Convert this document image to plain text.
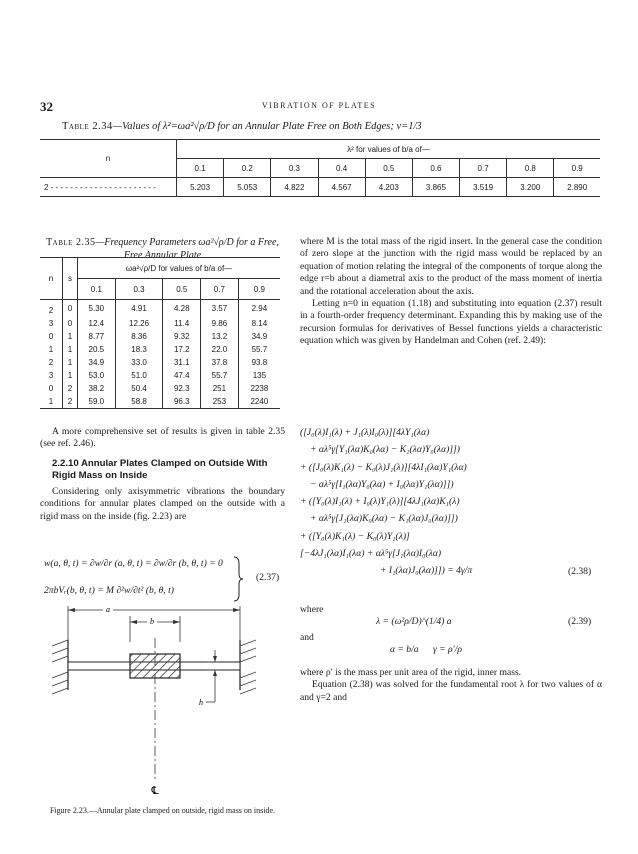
32	VIBRATION OF PLATES
Table 2.34—Values of λ²=ωa²√ρ/D for an Annular Plate Free on Both Edges; ν=1/3
n	λ² for values of b/a of—								
	0.1	0.2	0.3	0.4	0.5	0.6	0.7	0.8	0.9
2 - - - - - - - - - - - - - - - - - - - - - -	5.203	5.053	4.822	4.567	4.203	3.865	3.519	3.200	2.890
Table 2.35—Frequency Parameters ωa²√ρ/D for a Free, Free Annular Plate
n	s	ωa²√ρ/D for values of b/a of—				
		0.1	0.3	0.5	0.7	0.9
2	0	5.30	4.91	4.28	3.57	2.94
3	0	12.4	12.26	11.4	9.86	8.14
0	1	8.77	8.36	9.32	13.2	34.9
1	1	20.5	18.3	17.2	22.0	55.7
2	1	34.9	33.0	31.1	37.8	93.8
3	1	53.0	51.0	47.4	55.7	135
0	2	38.2	50.4	92.3	251	2238
1	2	59.0	58.8	96.3	253	2240

A more comprehensive set of results is given in table 2.35 (see ref. 2.46).

2.2.10 Annular Plates Clamped on Outside With Rigid Mass on Inside

Considering only axisymmetric vibrations the boundary conditions for annular plates clamped on the outside with a rigid mass on the inside (fig. 2.23) are

w(a, θ, t) = ∂w/∂r (a, θ, t) = ∂w/∂r (b, θ, t) = 0
2πbVᵣ(b, θ, t) = M ∂²w/∂t² (b, θ, t)
(2.37)
a
b
℄
h
Figure 2.23.—Annular plate clamped on outside, rigid mass on inside.

where M is the total mass of the rigid insert. In the general case the condition of zero slope at the junction with the rigid mass would be replaced by an equation of motion relating the integral of the components of torque along the edge r=b about a diametral axis to the product of the mass moment of inertia and the rotational acceleration about the axis.

Letting n=0 in equation (1.18) and substituting into equation (2.37) result in a fourth-order frequency determinant. Expanding this by making use of the recursion formulas for derivatives of Bessel functions yields a characteristic equation which was given by Handelman and Cohen (ref. 2.49):

([J₀(λ)I₁(λ) + J₁(λ)I₀(λ)][4λY₁(λα)
+ αλ⁵γ[Y₁(λα)K₀(λα) − K₁(λα)Y₀(λα)]])
+ ([J₀(λ)K₁(λ) − K₀(λ)J₁(λ)][4λI₁(λα)Y₁(λα)
− αλ⁵γ[I₁(λα)Y₀(λα) + I₀(λα)Y₁(λα)]])
+ ([Y₀(λ)I₁(λ) + I₀(λ)Y₁(λ)][4λJ₁(λα)K₁(λ)
+ αλ⁵γ[J₁(λα)K₀(λα) − K₁(λα)J₀(λα)]])
+ ([Y₀(λ)K₁(λ) − K₀(λ)Y₁(λ)]
[−4λJ₁(λα)I₁(λα) + αλ⁵γ[J₁(λα)I₀(λα)
+ I₁(λα)J₀(λα)]]) = 4γ/π	(2.38)
where
λ = (ω²ρ/D)^(1/4) a	(2.39)
and
α = b/a      γ = ρ′/ρ

where ρ′ is the mass per unit area of the rigid, inner mass.

Equation (2.38) was solved for the fundamental root λ for two values of α and γ=2 and
